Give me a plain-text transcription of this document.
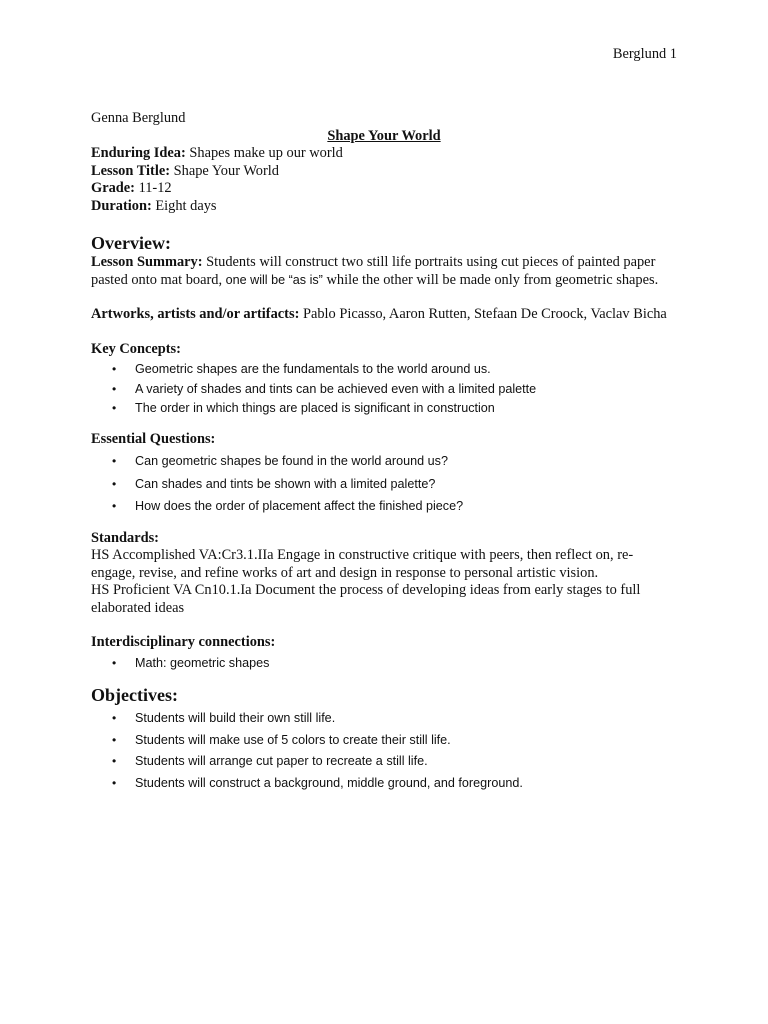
Berglund 1

Genna Berglund

Shape Your World

Enduring Idea: Shapes make up our world

Lesson Title: Shape Your World

Grade: 11-12

Duration: Eight days

Overview:

Lesson Summary: Students will construct two still life portraits using cut pieces of painted paper pasted onto mat board, one will be “as is” while the other will be made only from geometric shapes.

Artworks, artists and/or artifacts: Pablo Picasso, Aaron Rutten, Stefaan De Croock, Vaclav Bicha

Key Concepts:

• Geometric shapes are the fundamentals to the world around us.
• A variety of shades and tints can be achieved even with a limited palette
• The order in which things are placed is significant in construction

Essential Questions:

• Can geometric shapes be found in the world around us?
• Can shades and tints be shown with a limited palette?
• How does the order of placement affect the finished piece?

Standards:

HS Accomplished VA:Cr3.1.IIa Engage in constructive critique with peers, then reflect on, re-engage, revise, and refine works of art and design in response to personal artistic vision.

HS Proficient VA Cn10.1.Ia Document the process of developing ideas from early stages to full elaborated ideas

Interdisciplinary connections:

• Math: geometric shapes

Objectives:

• Students will build their own still life.
• Students will make use of 5 colors to create their still life.
• Students will arrange cut paper to recreate a still life.
• Students will construct a background, middle ground, and foreground.
